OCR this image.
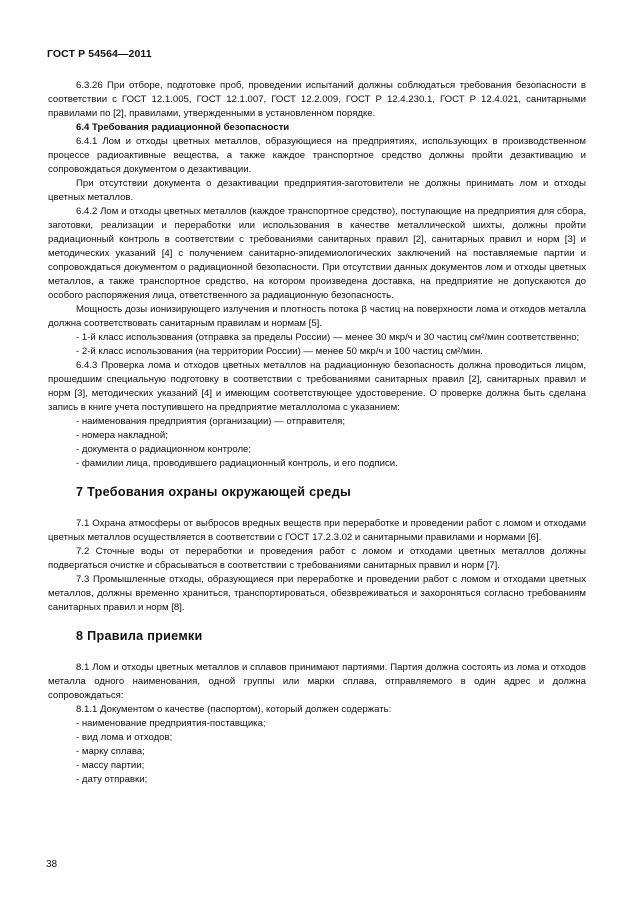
ГОСТ Р 54564—2011

6.3.26 При отборе, подготовке проб, проведении испытаний должны соблюдаться требования безопасности в соответствии с ГОСТ 12.1.005, ГОСТ 12.1.007, ГОСТ 12.2.009, ГОСТ Р 12.4.230.1, ГОСТ Р 12.4.021, санитарными правилами по [2], правилами, утвержденными в установленном порядке.

6.4 Требования радиационной безопасности

6.4.1 Лом и отходы цветных металлов, образующиеся на предприятиях, использующих в производственном процессе радиоактивные вещества, а также каждое транспортное средство должны пройти дезактивацию и сопровождаться документом о дезактивации.

При отсутствии документа о дезактивации предприятия-заготовители не должны принимать лом и отходы цветных металлов.

6.4.2 Лом и отходы цветных металлов (каждое транспортное средство), поступающие на предприятия для сбора, заготовки, реализации и переработки или использования в качестве металлической шихты, должны пройти радиационный контроль в соответствии с требованиями санитарных правил [2], санитарных правил и норм [3] и методических указаний [4] с получением санитарно-эпидемиологических заключений на поставляемые партии и сопровождаться документом о радиационной безопасности. При отсутствии данных документов лом и отходы цветных металлов, а также транспортное средство, на котором произведена доставка, на предприятие не допускаются до особого распоряжения лица, ответственного за радиационную безопасность.

Мощность дозы ионизирующего излучения и плотность потока β частиц на поверхности лома и отходов металла должна соответствовать санитарным правилам и нормам [5].

- 1-й класс использования (отправка за пределы России) — менее 30 мкр/ч и 30 частиц см²/мин соответственно;

- 2-й класс использования (на территории России) — менее 50 мкр/ч и 100 частиц см²/мин.

6.4.3 Проверка лома и отходов цветных металлов на радиационную безопасность должна проводиться лицом, прошедшим специальную подготовку в соответствии с требованиями санитарных правил [2], санитарных правил и норм [3], методических указаний [4] и имеющим соответствующее удостоверение. О проверке должна быть сделана запись в книге учета поступившего на предприятие металлолома с указанием:

- наименования предприятия (организации) — отправителя;

- номера накладной;

- документа о радиационном контроле;

- фамилии лица, проводившего радиационный контроль, и его подписи.

7 Требования охраны окружающей среды

7.1 Охрана атмосферы от выбросов вредных веществ при переработке и проведении работ с ломом и отходами цветных металлов осуществляется в соответствии с ГОСТ 17.2.3.02 и санитарными правилами и нормами [6].

7.2 Сточные воды от переработки и проведения работ с ломом и отходами цветных металлов должны подвергаться очистке и сбрасываться в соответствии с требованиями санитарных правил и норм [7].

7.3 Промышленные отходы, образующиеся при переработке и проведении работ с ломом и отходами цветных металлов, должны временно храниться, транспортироваться, обезвреживаться и захороняться согласно требованиям санитарных правил и норм [8].

8 Правила приемки

8.1 Лом и отходы цветных металлов и сплавов принимают партиями. Партия должна состоять из лома и отходов металла одного наименования, одной группы или марки сплава, отправляемого в один адрес и должна сопровождаться:

8.1.1 Документом о качестве (паспортом), который должен содержать:

- наименование предприятия-поставщика;

- вид лома и отходов;

- марку сплава;

- массу партии;

- дату отправки;

38
